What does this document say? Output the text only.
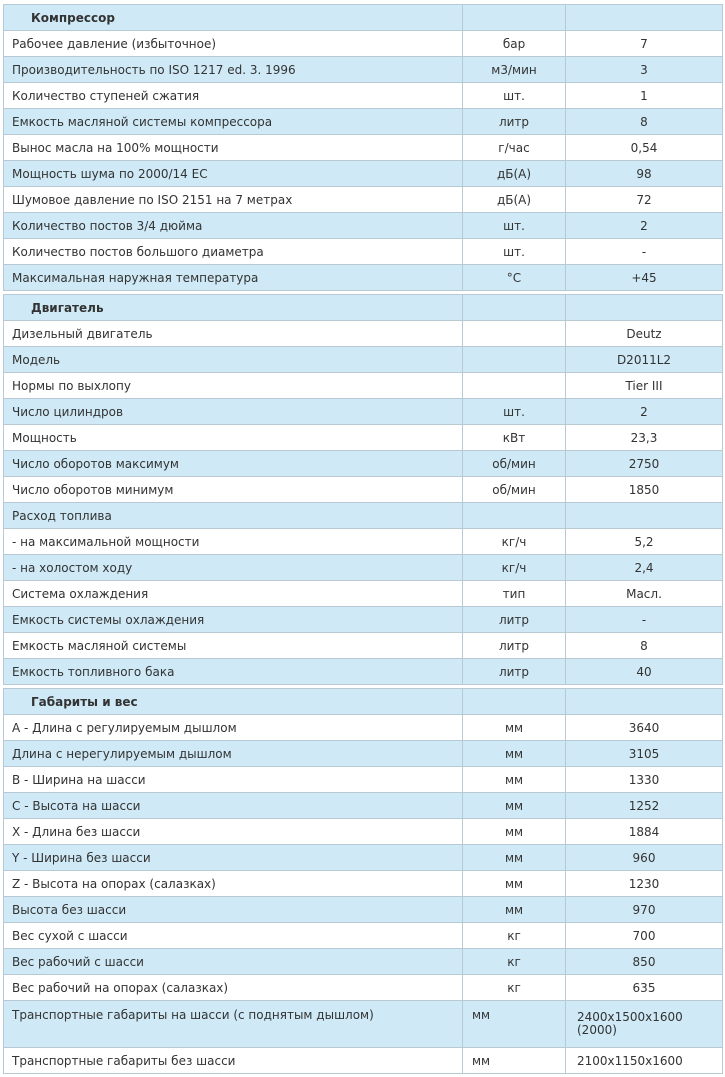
Компрессор		
Рабочее давление (избыточное)	бар	7
Производительность по ISO 1217 ed. 3. 1996	м3/мин	3
Количество ступеней сжатия	шт.	1
Емкость масляной системы компрессора	литр	8
Вынос масла на 100% мощности	г/час	0,54
Мощность шума по 2000/14 ЕС	дБ(А)	98
Шумовое давление по ISO 2151 на 7 метрах	дБ(А)	72
Количество постов 3/4 дюйма	шт.	2
Количество постов большого диаметра	шт.	-
Максимальная наружная температура	°C	+45

Двигатель		
Дизельный двигатель		Deutz
Модель		D2011L2
Нормы по выхлопу		Tier III
Число цилиндров	шт.	2
Мощность	кВт	23,3
Число оборотов максимум	об/мин	2750
Число оборотов минимум	об/мин	1850
Расход топлива		
- на максимальной мощности	кг/ч	5,2
- на холостом ходу	кг/ч	2,4
Система охлаждения	тип	Масл.
Емкость системы охлаждения	литр	-
Емкость масляной системы	литр	8
Емкость топливного бака	литр	40

Габариты и вес		
А - Длина с регулируемым дышлом	мм	3640
Длина с нерегулируемым дышлом	мм	3105
В - Ширина на шасси	мм	1330
С - Высота на шасси	мм	1252
X - Длина без шасси	мм	1884
Y - Ширина без шасси	мм	960
Z - Высота на опорах (салазках)	мм	1230
Высота без шасси	мм	970
Вес сухой с шасси	кг	700
Вес рабочий с шасси	кг	850
Вес рабочий на опорах (салазках)	кг	635
Транспортные габариты на шасси (с поднятым дышлом)	мм	2400x1500x1600 (2000)
Транспортные габариты без шасси	мм	2100x1150x1600
